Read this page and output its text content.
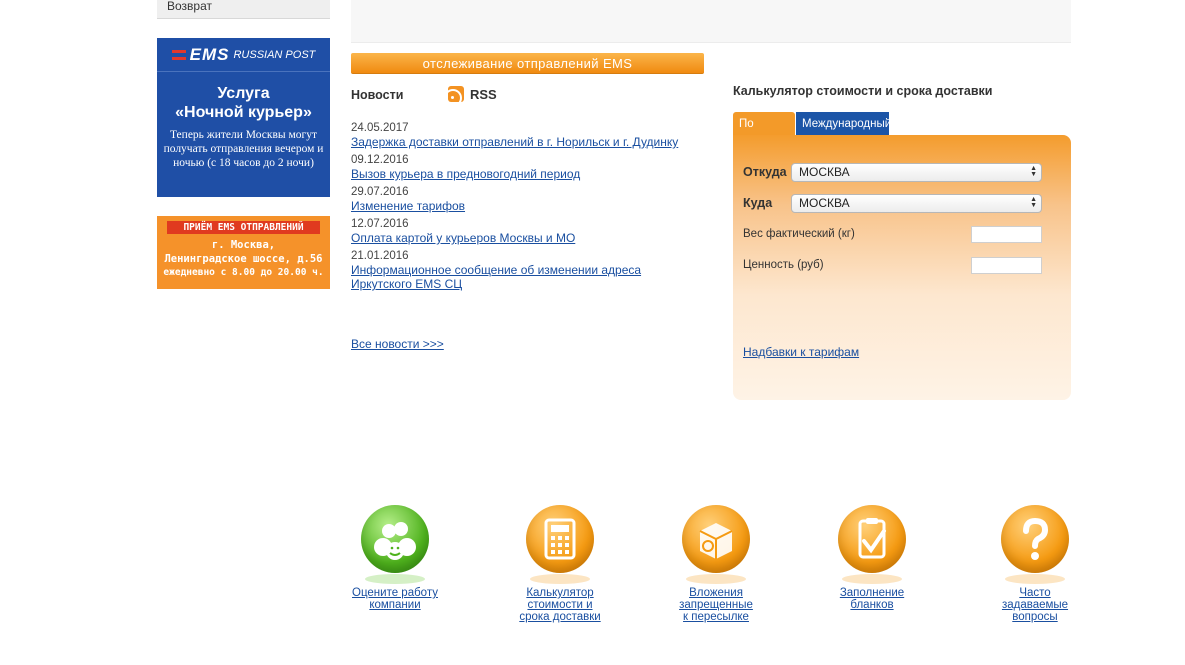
Возврат
EMS RUSSIAN POST
Услуга
«Ночной курьер»
Теперь жители Москвы могут получать отправления вечером и ночью (с 18 часов до 2 ночи)
ПРИЁМ EMS ОТПРАВЛЕНИЙ
г. Москва,
Ленинградское шоссе, д.56
ежедневно с 8.00 до 20.00 ч.
отслеживание отправлений EMS
Новости	RSS
24.05.2017
Задержка доставки отправлений в г. Норильск и г. Дудинку
09.12.2016
Вызов курьера в предновогодний период
29.07.2016
Изменение тарифов
12.07.2016
Оплата картой у курьеров Москвы и МО
21.01.2016
Информационное сообщение об изменении адреса Иркутского EMS СЦ
Все новости >>>
Калькулятор стоимости и срока доставки
По	Международный
Откуда	МОСКВА	▲
▼
Куда	МОСКВА	▲
▼
Вес фактический (кг)
Ценность (руб)
Надбавки к тарифам
Оцените работу
компании
Калькулятор
стоимости и
срока доставки
Вложения
запрещенные
к пересылке
Заполнение
бланков
Часто
задаваемые
вопросы
